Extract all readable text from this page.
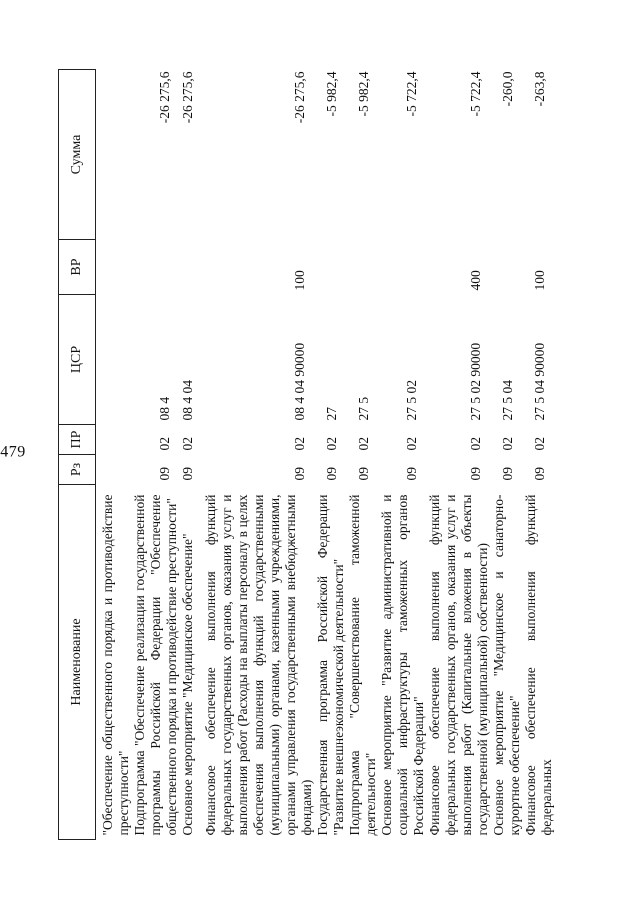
479
Наименование	Рз	ПР	ЦСР	ВР	Сумма
"Обеспечение общественного порядка и противодействие преступности"					
Подпрограмма "Обеспечение реализации государственной программы Российской Федерации "Обеспечение общественного порядка и противодействие преступности"	09	02	08 4		-26 275,6
Основное мероприятие "Медицинское обеспечение"	09	02	08 4 04		-26 275,6
Финансовое обеспечение выполнения функций федеральных государственных органов, оказания услуг и выполнения работ (Расходы на выплаты персоналу в целях обеспечения выполнения функций государственными (муниципальными) органами, казенными учреждениями, органами управления государственными внебюджетными фондами)	09	02	08 4 04 90000	100	-26 275,6
Государственная программа Российской Федерации "Развитие внешнеэкономической деятельности"	09	02	27		-5 982,4
Подпрограмма "Совершенствование таможенной деятельности"	09	02	27 5		-5 982,4
Основное мероприятие "Развитие административной и социальной инфраструктуры таможенных органов Российской Федерации"	09	02	27 5 02		-5 722,4
Финансовое обеспечение выполнения функций федеральных государственных органов, оказания услуг и выполнения работ (Капитальные вложения в объекты государственной (муниципальной) собственности)	09	02	27 5 02 90000	400	-5 722,4
Основное мероприятие "Медицинское и санаторно-курортное обеспечение"	09	02	27 5 04		-260,0
Финансовое обеспечение выполнения функций федеральных	09	02	27 5 04 90000	100	-263,8
